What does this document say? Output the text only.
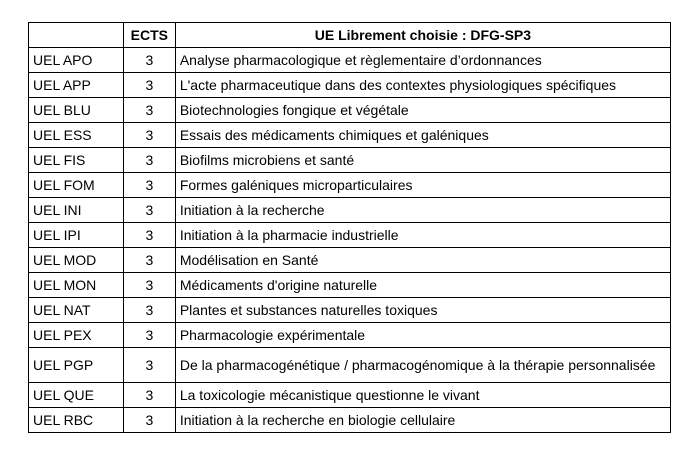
	ECTS	UE Librement choisie : DFG-SP3
UEL APO	3	Analyse pharmacologique et règlementaire d’ordonnances
UEL APP	3	L'acte pharmaceutique dans des contextes physiologiques spécifiques
UEL BLU	3	Biotechnologies fongique et végétale
UEL ESS	3	Essais des médicaments chimiques et galéniques
UEL FIS	3	Biofilms microbiens et santé
UEL FOM	3	Formes galéniques microparticulaires
UEL INI	3	Initiation à la recherche
UEL IPI	3	Initiation à la pharmacie industrielle
UEL MOD	3	Modélisation en Santé
UEL MON	3	Médicaments d'origine naturelle
UEL NAT	3	Plantes et substances naturelles toxiques
UEL PEX	3	Pharmacologie expérimentale
UEL PGP	3	De la pharmacogénétique / pharmacogénomique à la thérapie personnalisée
UEL QUE	3	La toxicologie mécanistique questionne le vivant
UEL RBC	3	Initiation à la recherche en biologie cellulaire
